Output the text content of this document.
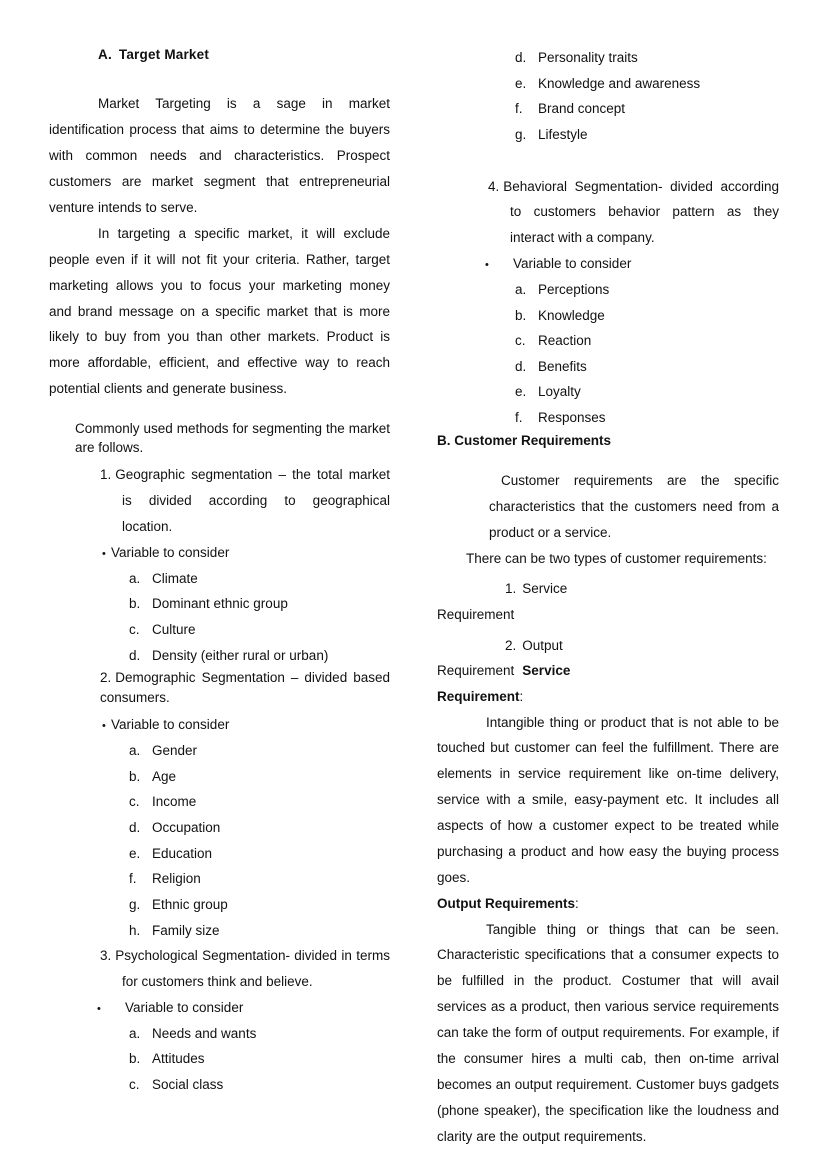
A. Target Market

Market Targeting is a sage in market identification process that aims to determine the buyers with common needs and characteristics. Prospect customers are market segment that entrepreneurial venture intends to serve.

In targeting a specific market, it will exclude people even if it will not fit your criteria. Rather, target marketing allows you to focus your marketing money and brand message on a specific market that is more likely to buy from you than other markets. Product is more affordable, efficient, and effective way to reach potential clients and generate business.

Commonly used methods for segmenting the market are follows.

1. Geographic segmentation – the total market is divided according to geographical location.
• Variable to consider
a. Climate
b. Dominant ethnic group
c. Culture
d. Density (either rural or urban)
2. Demographic Segmentation – divided based consumers.
• Variable to consider
a. Gender
b. Age
c. Income
d. Occupation
e. Education
f.	Religion
g. Ethnic group
h. Family size
3. Psychological Segmentation- divided in terms for customers think and believe.
•	Variable to consider
a. Needs and wants
b. Attitudes
c. Social class
d. Personality traits
e. Knowledge and awareness
f.	Brand concept
g. Lifestyle
4. Behavioral Segmentation- divided according to customers behavior pattern as they interact with a company.
•	Variable to consider
a. Perceptions
b. Knowledge
c. Reaction
d. Benefits
e. Loyalty
f.	Responses
B. Customer Requirements

Customer requirements are the specific characteristics that the customers need from a product or a service.

There can be two types of customer requirements:

1. Service

Requirement

2. Output

Requirement Service

Requirement:

Intangible thing or product that is not able to be touched but customer can feel the fulfillment. There are elements in service requirement like on-time delivery, service with a smile, easy-payment etc. It includes all aspects of how a customer expect to be treated while purchasing a product and how easy the buying process goes.

Output Requirements:

Tangible thing or things that can be seen. Characteristic specifications that a consumer expects to be fulfilled in the product. Costumer that will avail services as a product, then various service requirements can take the form of output requirements. For example, if the consumer hires a multi cab, then on-time arrival becomes an output requirement. Customer buys gadgets (phone speaker), the specification like the loudness and clarity are the output requirements.
